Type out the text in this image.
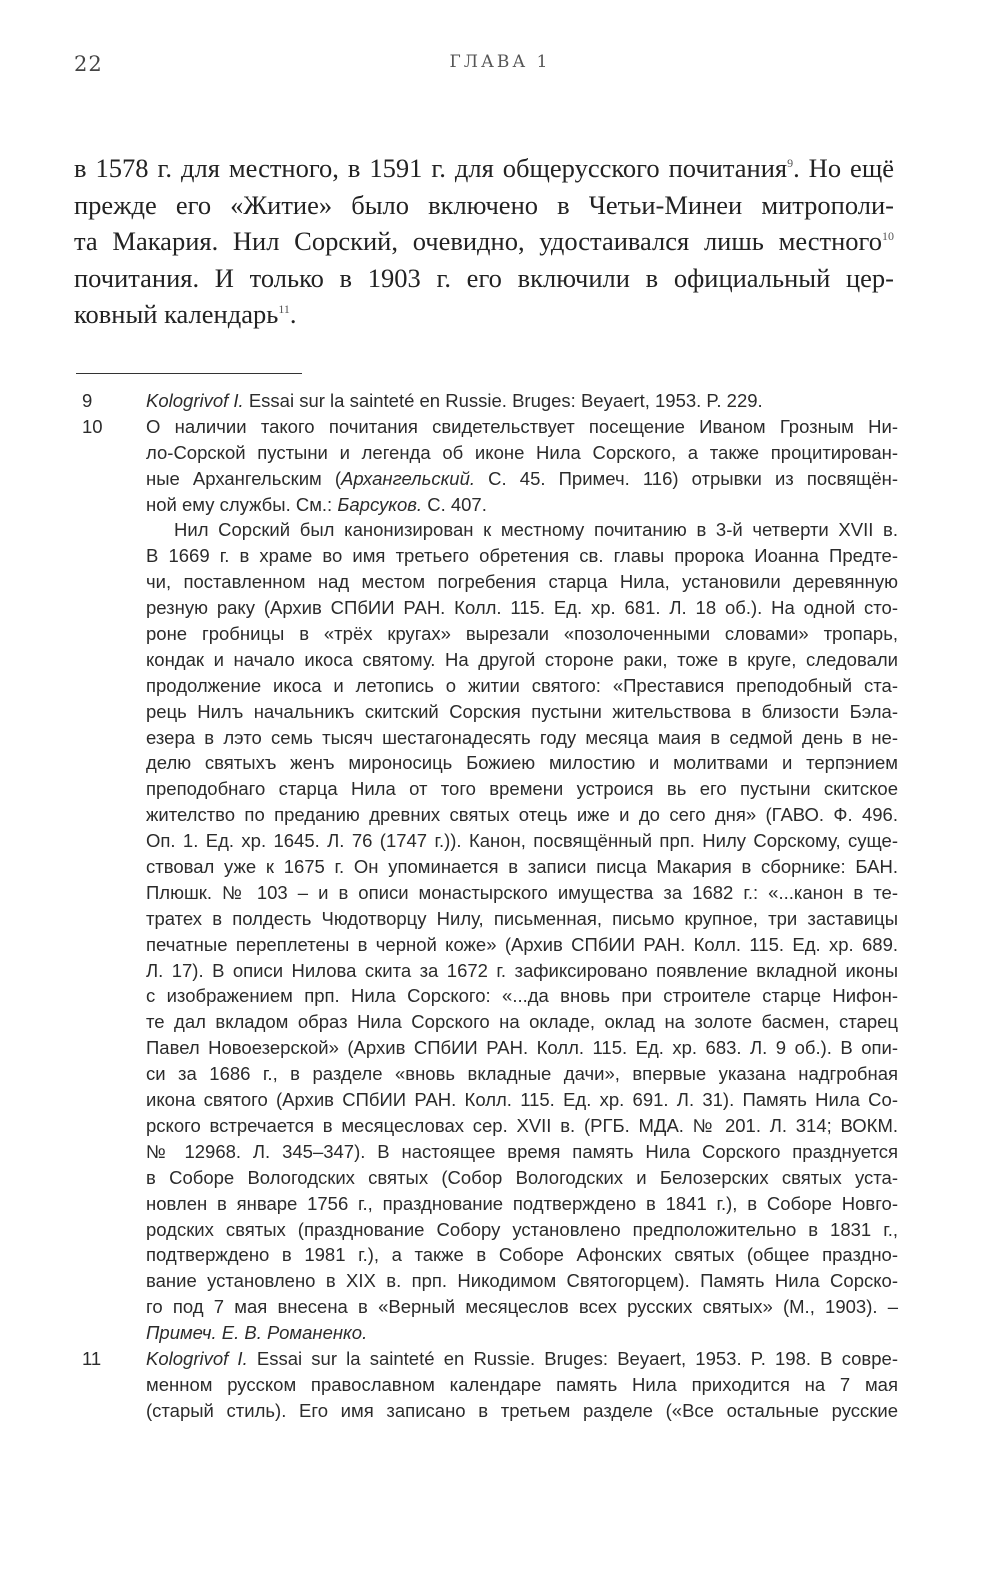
22	ГЛАВА 1
в 1578 г. для местного, в 1591 г. для общерусского почитания$^9$. Но ещё
прежде его «Житие» было включено в Четьи-Минеи митрополи-
та Макария. Нил Сорский, очевидно, удостаивался лишь местного$^{10}$
почитания. И только в 1903 г. его включили в официальный цер-
ковный календарь$^{11}$.
9	Kologrivof I. Essai sur la sainteté en Russie. Bruges: Beyaert, 1953. P. 229.
10 О наличии такого почитания свидетельствует посещение Иваном Грозным Ни-
ло-Сорской пустыни и легенда об иконе Нила Сорского, а также процитирован-
ные Архангельским (Архангельский. С. 45. Примеч. 116) отрывки из посвящён-
ной ему службы. См.: Барсуков. С. 407.
Нил Сорский был канонизирован к местному почитанию в 3-й четверти XVII в.
В 1669 г. в храме во имя третьего обретения св. главы пророка Иоанна Предте-
чи, поставленном над местом погребения старца Нила, установили деревянную
резную раку (Архив СПбИИ РАН. Колл. 115. Ед. хр. 681. Л. 18 об.). На одной сто-
роне гробницы в «трёх кругах» вырезали «позолоченными словами» тропарь,
кондак и начало икоса святому. На другой стороне раки, тоже в круге, следовали
продолжение икоса и летопись о житии святого: «Преставися преподобный ста-
рець Нилъ начальникъ скитский Сорския пустыни жительствова в близости Бэла-
езера в лэто семь тысяч шестагонадесять году месяца маия в седмой день в не-
делю святыхъ женъ мироносиць Божиею милостию и молитвами и терпэнием
преподобнаго старца Нила от того времени устроися вь его пустыни скитское
жителство по преданию древних святых отець иже и до сего дня» (ГАВО. Ф. 496.
Оп. 1. Ед. хр. 1645. Л. 76 (1747 г.)). Канон, посвящённый прп. Нилу Сорскому, суще-
ствовал уже к 1675 г. Он упоминается в записи писца Макария в сборнике: БАН.
Плюшк. № 103 – и в описи монастырского имущества за 1682 г.: «...канон в те-
тратех в полдесть Чюдотворцу Нилу, письменная, письмо крупное, три заставицы
печатные переплетены в черной коже» (Архив СПбИИ РАН. Колл. 115. Ед. хр. 689.
Л. 17). В описи Нилова скита за 1672 г. зафиксировано появление вкладной иконы
с изображением прп. Нила Сорского: «...да вновь при строителе старце Нифон-
те дал вкладом образ Нила Сорского на окладе, оклад на золоте басмен, старец
Павел Новоезерской» (Архив СПбИИ РАН. Колл. 115. Ед. хр. 683. Л. 9 об.). В опи-
си за 1686 г., в разделе «вновь вкладные дачи», впервые указана надгробная
икона святого (Архив СПбИИ РАН. Колл. 115. Ед. хр. 691. Л. 31). Память Нила Со-
рского встречается в месяцесловах сер. XVII в. (РГБ. МДА. № 201. Л. 314; ВОКМ.
№ 12968. Л. 345–347). В настоящее время память Нила Сорского празднуется
в Соборе Вологодских святых (Собор Вологодских и Белозерских святых уста-
новлен в январе 1756 г., празднование подтверждено в 1841 г.), в Соборе Новго-
родских святых (празднование Собору установлено предположительно в 1831 г.,
подтверждено в 1981 г.), а также в Соборе Афонских святых (общее праздно-
вание установлено в XIX в. прп. Никодимом Святогорцем). Память Нила Сорско-
го под 7 мая внесена в «Верный месяцеслов всех русских святых» (М., 1903). –
Примеч. Е. В. Романенко.
11 Kologrivof I. Essai sur la sainteté en Russie. Bruges: Beyaert, 1953. P. 198. В совре-
менном русском православном календаре память Нила приходится на 7 мая
(старый стиль). Его имя записано в третьем разделе («Все остальные русские
